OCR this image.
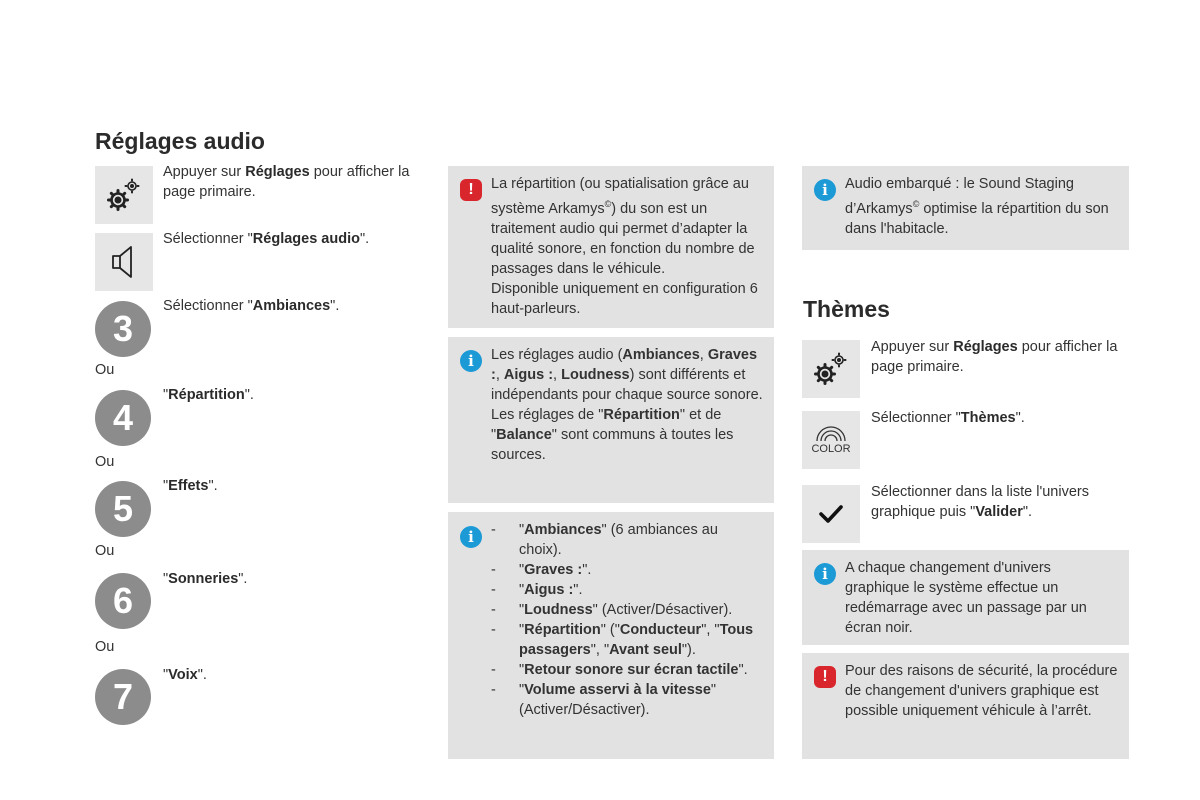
Réglages audio
Appuyer sur Réglages pour afficher la page primaire.
Sélectionner "Réglages audio".
3
Sélectionner "Ambiances".
Ou
4
"Répartition".
Ou
5
"Effets".
Ou
6
"Sonneries".
Ou
7
"Voix".
!	La répartition (ou spatialisation grâce au système Arkamys©) du son est un traitement audio qui permet d’adapter la qualité sonore, en fonction du nombre de passages dans le véhicule.
Disponible uniquement en configuration 6 haut-parleurs.
i	Les réglages audio (Ambiances, Graves :, Aigus :, Loudness) sont différents et indépendants pour chaque source sonore.
Les réglages de "Répartition" et de "Balance" sont communs à toutes les sources.
i
-	"Ambiances" (6 ambiances au choix).
- "Graves :".
- "Aigus :".
- "Loudness" (Activer/Désactiver).
- "Répartition" ("Conducteur", "Tous passagers", "Avant seul").
- "Retour sonore sur écran tactile".
- "Volume asservi à la vitesse" (Activer/Désactiver).
i	Audio embarqué : le Sound Staging d’Arkamys© optimise la répartition du son dans l'habitacle.
Thèmes
Appuyer sur Réglages pour afficher la page primaire.
COLOR
Sélectionner "Thèmes".
Sélectionner dans la liste l'univers graphique puis "Valider".
i	A chaque changement d'univers graphique le système effectue un redémarrage avec un passage par un écran noir.
!	Pour des raisons de sécurité, la procédure de changement d'univers graphique est possible uniquement véhicule à l’arrêt.
